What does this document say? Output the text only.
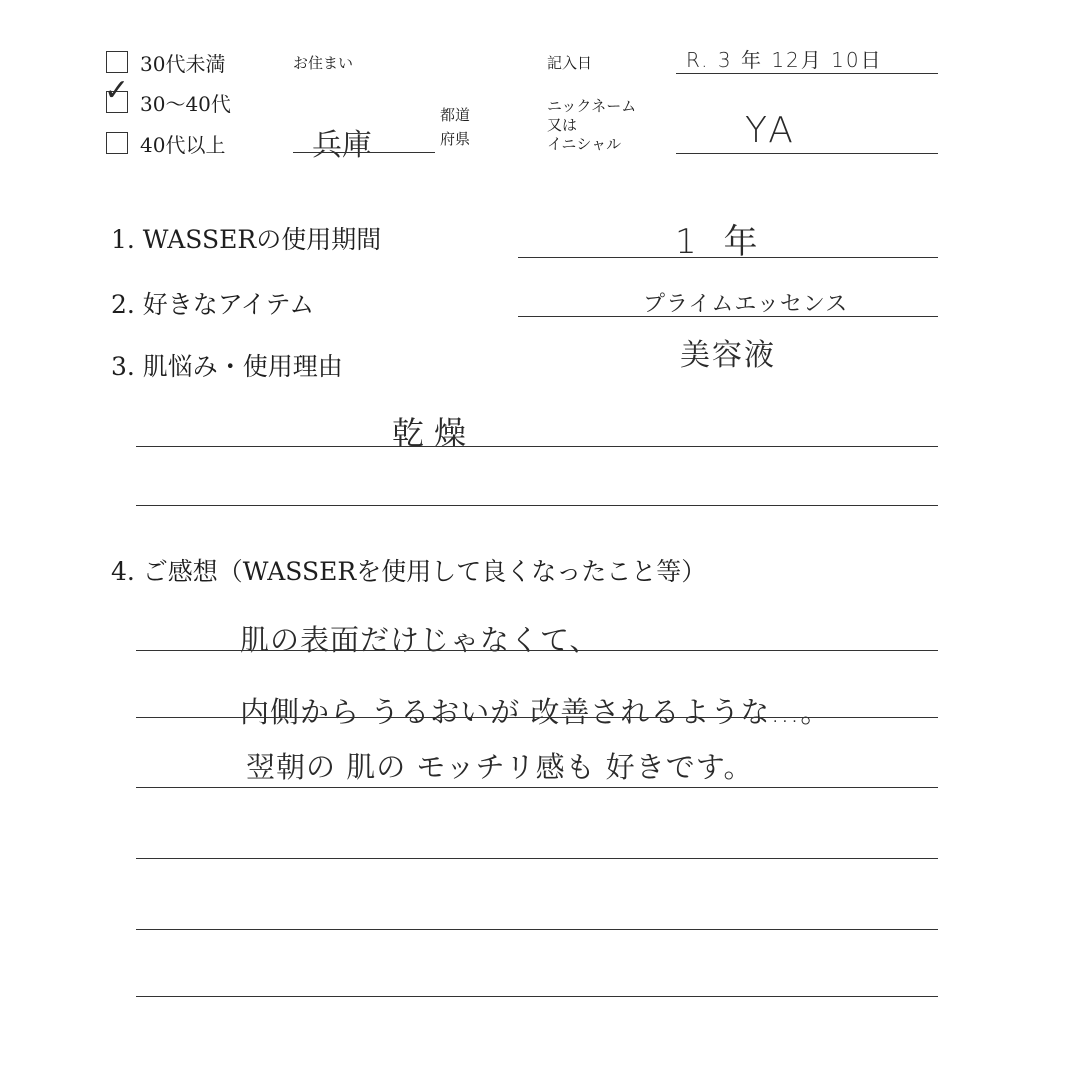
✓
30代未満
30〜40代
40代以上
お住まい
兵庫
都道
府県
記入日	R. 3 年 12月 10日
ニックネーム
又は
イニシャル	YA
1. WASSERの使用期間
2. 好きなアイテム
3. 肌悩み・使用理由
4. ご感想（WASSERを使用して良くなったこと等）
1 年
プライムエッセンス
美容液
乾燥
肌の表面だけじゃなくて、
内側から うるおいが 改善されるような…。
翌朝の 肌の モッチリ感も 好きです。
